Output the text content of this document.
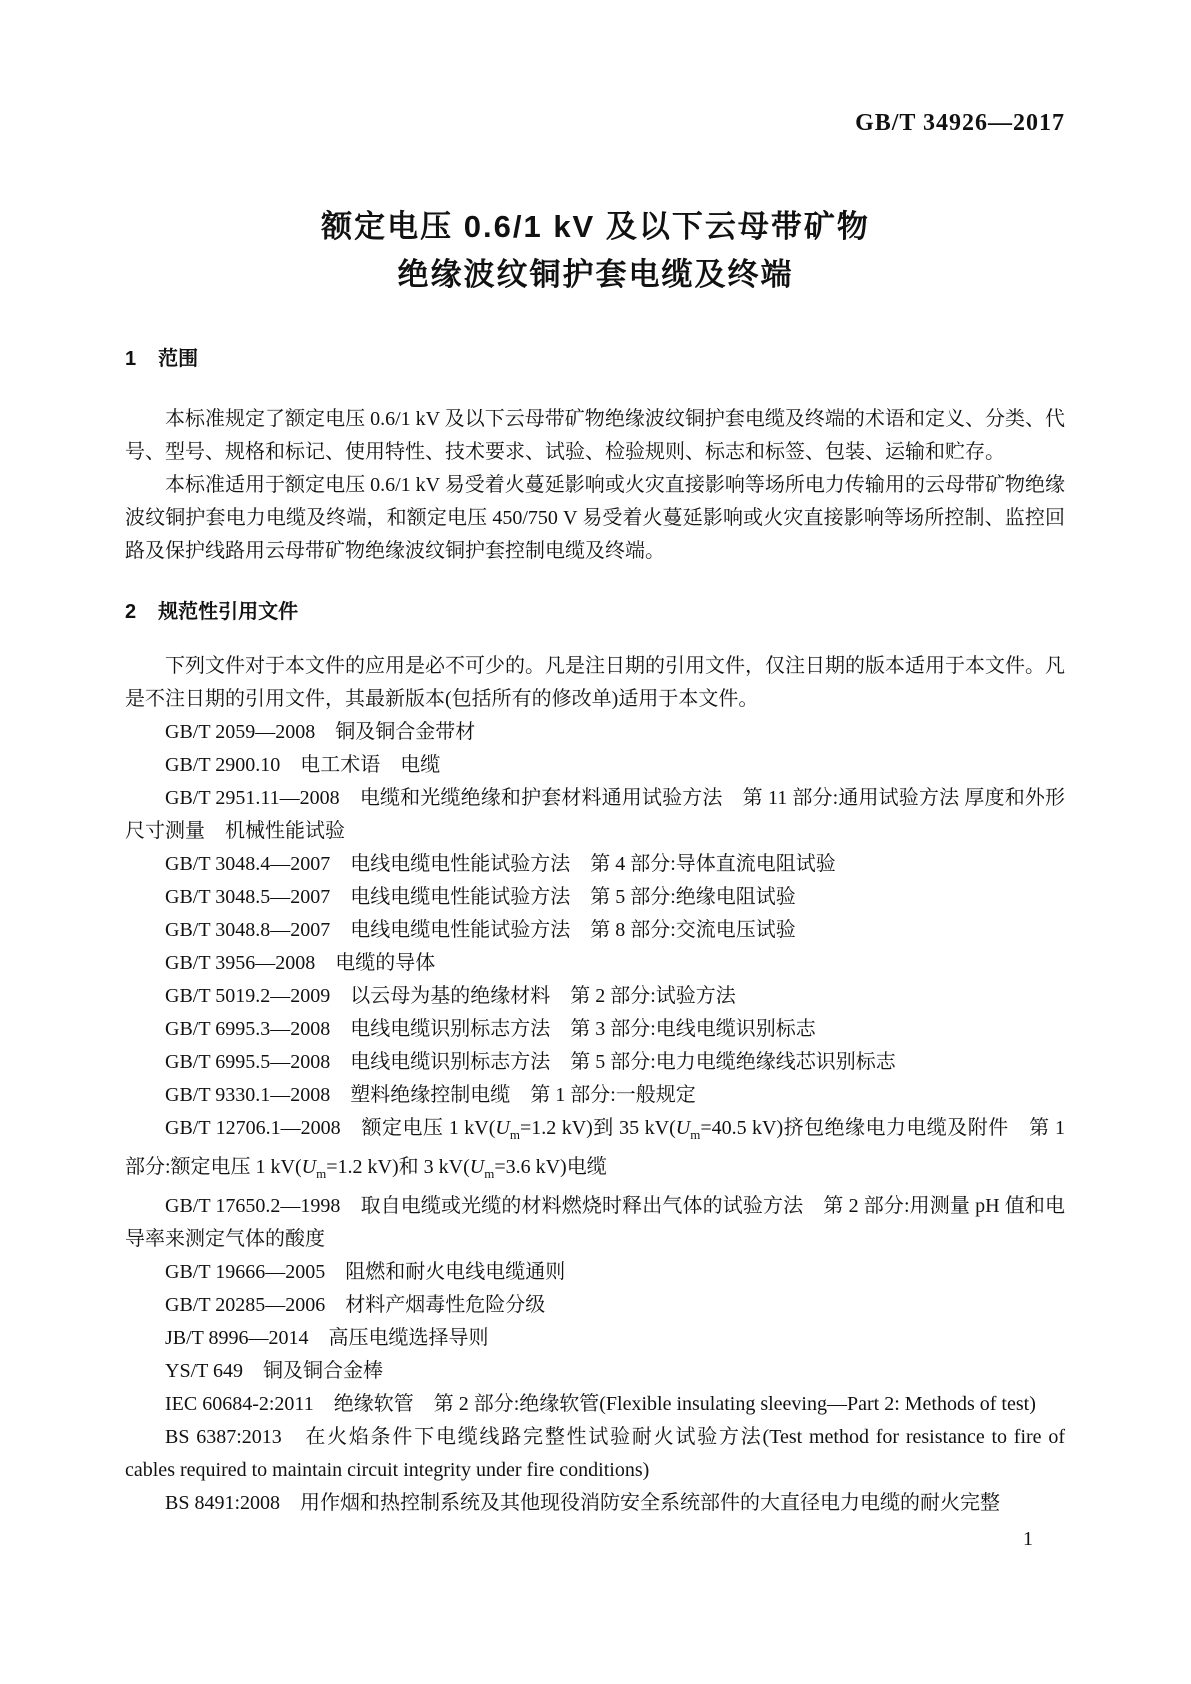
GB/T 34926—2017
额定电压 0.6/1 kV 及以下云母带矿物
绝缘波纹铜护套电缆及终端
1 范围

本标准规定了额定电压 0.6/1 kV 及以下云母带矿物绝缘波纹铜护套电缆及终端的术语和定义、分类、代号、型号、规格和标记、使用特性、技术要求、试验、检验规则、标志和标签、包装、运输和贮存。

本标准适用于额定电压 0.6/1 kV 易受着火蔓延影响或火灾直接影响等场所电力传输用的云母带矿物绝缘波纹铜护套电力电缆及终端，和额定电压 450/750 V 易受着火蔓延影响或火灾直接影响等场所控制、监控回路及保护线路用云母带矿物绝缘波纹铜护套控制电缆及终端。

2 规范性引用文件

下列文件对于本文件的应用是必不可少的。凡是注日期的引用文件，仅注日期的版本适用于本文件。凡是不注日期的引用文件，其最新版本(包括所有的修改单)适用于本文件。

GB/T 2059—2008　铜及铜合金带材

GB/T 2900.10　电工术语　电缆

GB/T 2951.11—2008　电缆和光缆绝缘和护套材料通用试验方法　第 11 部分:通用试验方法 厚度和外形尺寸测量　机械性能试验

GB/T 3048.4—2007　电线电缆电性能试验方法　第 4 部分:导体直流电阻试验

GB/T 3048.5—2007　电线电缆电性能试验方法　第 5 部分:绝缘电阻试验

GB/T 3048.8—2007　电线电缆电性能试验方法　第 8 部分:交流电压试验

GB/T 3956—2008　电缆的导体

GB/T 5019.2—2009　以云母为基的绝缘材料　第 2 部分:试验方法

GB/T 6995.3—2008　电线电缆识别标志方法　第 3 部分:电线电缆识别标志

GB/T 6995.5—2008　电线电缆识别标志方法　第 5 部分:电力电缆绝缘线芯识别标志

GB/T 9330.1—2008　塑料绝缘控制电缆　第 1 部分:一般规定

GB/T 12706.1—2008　额定电压 1 $kV(U_m=1.2$ kV)到 35 $kV(U_m=40.5$ kV)挤包绝缘电力电缆及附件　第 1 部分:额定电压 1 $kV(U_m=1.2$ kV)和 3 $kV(U_m=3.6$ kV)电缆

GB/T 17650.2—1998　取自电缆或光缆的材料燃烧时释出气体的试验方法　第 2 部分:用测量 pH 值和电导率来测定气体的酸度

GB/T 19666—2005　阻燃和耐火电线电缆通则

GB/T 20285—2006　材料产烟毒性危险分级

JB/T 8996—2014　高压电缆选择导则

YS/T 649　铜及铜合金棒

IEC 60684-2:2011　绝缘软管　第 2 部分:绝缘软管(Flexible insulating sleeving—Part 2: Methods of test)

BS 6387:2013　在火焰条件下电缆线路完整性试验耐火试验方法(Test method for resistance to fire of cables required to maintain circuit integrity under fire conditions)

BS 8491:2008　用作烟和热控制系统及其他现役消防安全系统部件的大直径电力电缆的耐火完整

1
